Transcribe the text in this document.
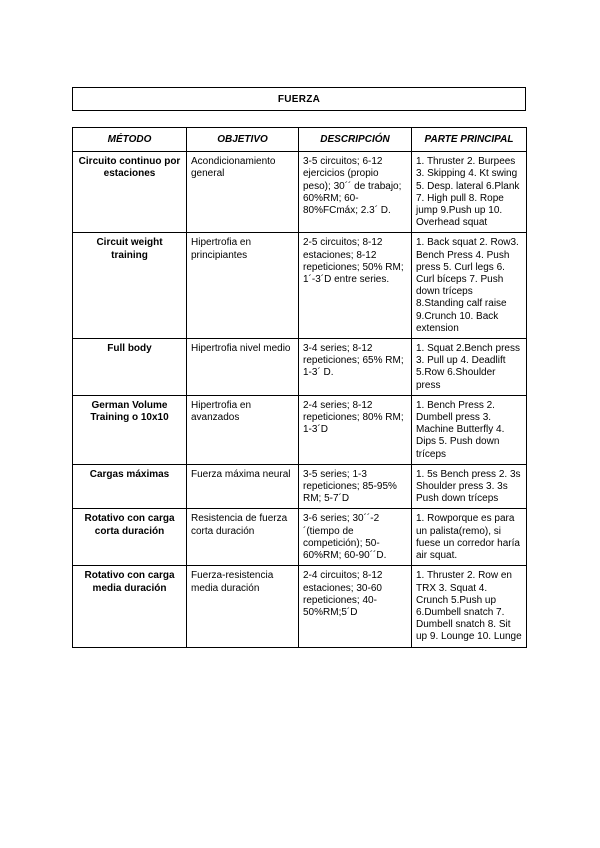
FUERZA
MÉTODO	OBJETIVO	DESCRIPCIÓN	PARTE PRINCIPAL
Circuito continuo por estaciones	Acondicionamiento general	3-5 circuitos; 6-12 ejercicios (propio peso); 30´´ de trabajo; 60%RM; 60-80%FCmáx; 2.3´ D.	1. Thruster 2. Burpees 3. Skipping 4. Kt swing 5. Desp. lateral 6.Plank 7. High pull 8. Rope jump 9.Push up 10. Overhead squat
Circuit weight training	Hipertrofia en principiantes	2-5 circuitos; 8-12 estaciones; 8-12 repeticiones; 50% RM; 1´-3´D entre series.	1. Back squat 2. Row3. Bench Press 4. Push press 5. Curl legs 6. Curl bíceps 7. Push down tríceps 8.Standing calf raise 9.Crunch 10. Back extension
Full body	Hipertrofia nivel medio	3-4 series; 8-12 repeticiones; 65% RM; 1-3´ D.	1. Squat 2.Bench press 3. Pull up 4. Deadlift 5.Row 6.Shoulder press
German Volume Training o 10x10	Hipertrofia en avanzados	2-4 series; 8-12 repeticiones; 80% RM; 1-3´D	1. Bench Press 2. Dumbell press 3. Machine Butterfly 4. Dips 5. Push down tríceps
Cargas máximas	Fuerza máxima neural	3-5 series; 1-3 repeticiones; 85-95% RM; 5-7´D	1. 5s Bench press 2. 3s Shoulder press 3. 3s Push down tríceps
Rotativo con carga corta duración	Resistencia de fuerza corta duración	3-6 series; 30´´-2´(tiempo de competición); 50-60%RM; 60-90´´D.	1. Rowporque es para un palista(remo), si fuese un corredor haría air squat.
Rotativo con carga media duración	Fuerza-resistencia media duración	2-4 circuitos; 8-12 estaciones; 30-60 repeticiones; 40-50%RM;5´D	1. Thruster 2. Row en TRX 3. Squat 4. Crunch 5.Push up 6.Dumbell snatch 7. Dumbell snatch 8. Sit up 9. Lounge 10. Lunge
